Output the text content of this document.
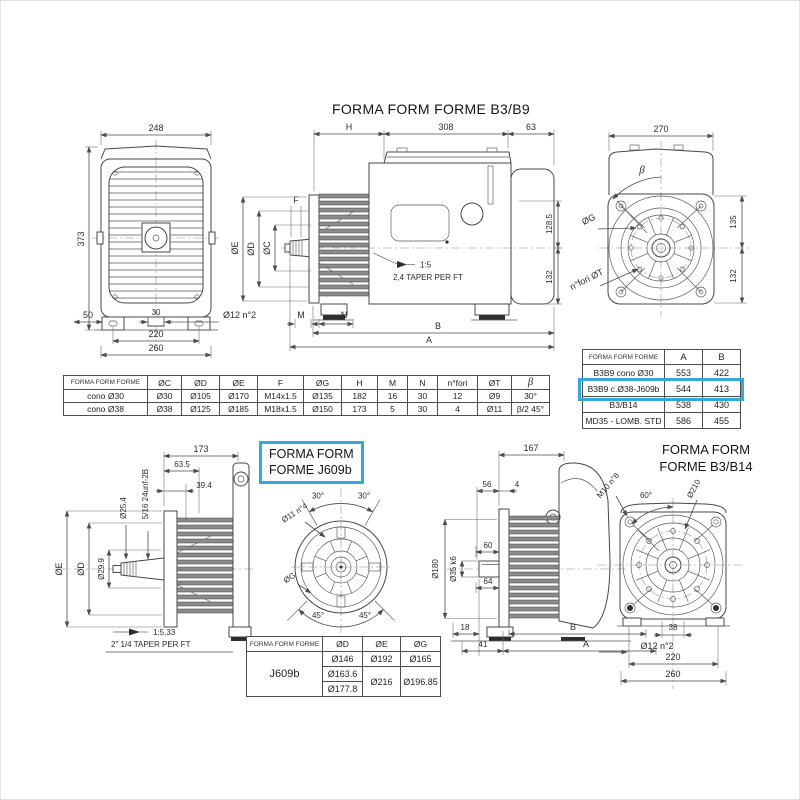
248
373
50	30	Ø12 n°2
220
260
H	308	63
F
ØE ØD ØC
1:5
2,4 TAPER PER FT
M	N
B
A
128.5
132
β
ØG
n°fori ØT
270
135
132
173
63.5
39.4
Ø25.4 5/16 24unf-2B
ØE ØD Ø29.9
1:5,33
2" 1/4 TAPER PER FT
30°	30°
45°	45°
Ø11 n°4
ØG
167
56	4
60
64
Ø35 k6
Ø180
18	B
41	A
60°
M10 n°8	Ø210
38
Ø12 n°2
220
260
FORMA FORM FORME B3/B9
FORMA FORM
FORME J609b
FORMA FORM
FORME B3/B14
FORMA FORM FORME	A	B
B3B9 cono Ø30	553	422
B3B9 c.Ø38-J609b	544	413
B3/B14	538	430
MD35 - LOMB. STD	586	455
FORMA FORM FORME	ØC	ØD	ØE	F	ØG	H	M	N	n°fori	ØT	β
cono Ø30	Ø30	Ø105	Ø170	M14x1.5	Ø135	182	16	30	12	Ø9	30°
cono Ø38	Ø38	Ø125	Ø185	M18x1.5	Ø150	173	5	30	4	Ø11	β/2 45°
FORMA FORM FORME	ØD	ØE	ØG
J609b	Ø146	Ø192	Ø165
	Ø163.6	Ø216	Ø196.85
	Ø177.8		
